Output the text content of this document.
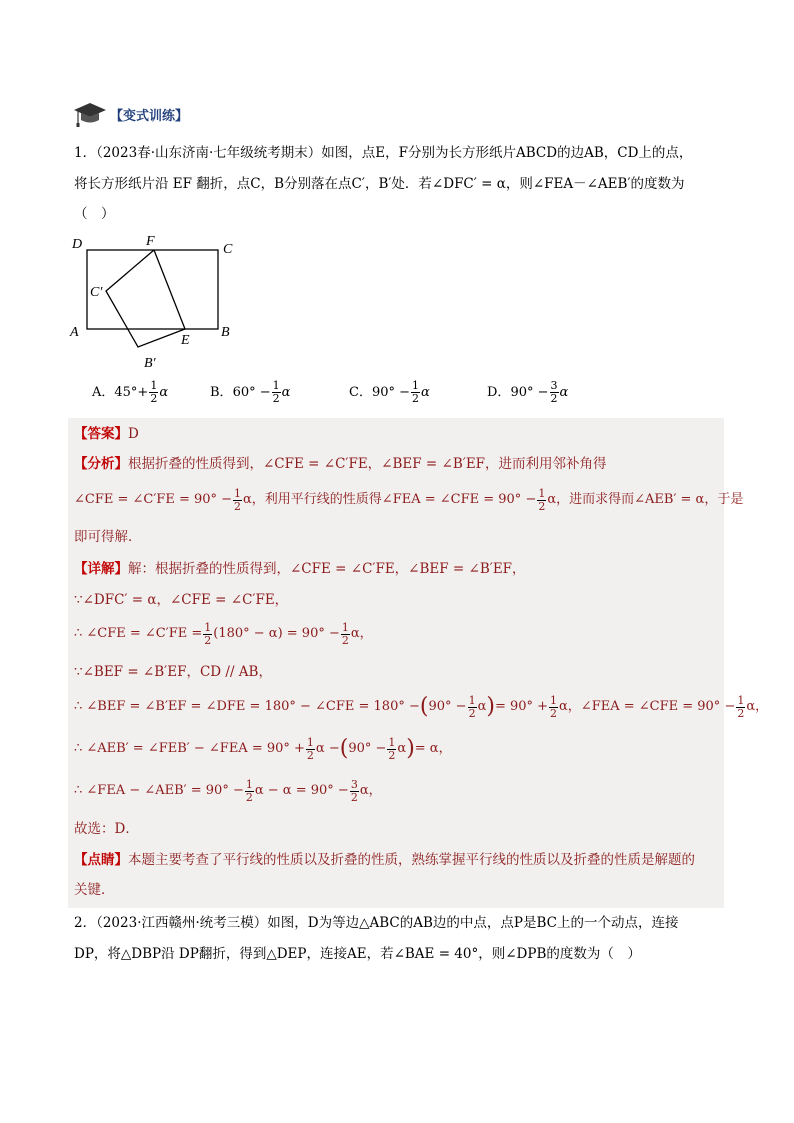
【变式训练】
1．（2023春·山东济南·七年级统考期末）如图，点E，F分别为长方形纸片ABCD的边AB，CD上的点，
将长方形纸片沿 EF 翻折，点C，B分别落在点C′，B′处．若∠DFC′ = α，则∠FEA－∠AEB′的度数为
（　）
D	F
C
C′
A
E
B
B′
A．$45^\circ+ \frac{1}{2}$ α	B．$60^\circ - \frac{1}{2}$ α	C．$90^\circ - \frac{1}{2}$ α	D．$90^\circ - \frac{3}{2}$ α
【答案】D
【分析】根据折叠的性质得到，∠CFE = ∠C′FE，∠BEF = ∠B′EF，进而利用邻补角得
∠CFE = ∠C′FE = $90^\circ - \frac{1}{2}$ α，利用平行线的性质得∠FEA = ∠CFE = $90^\circ - \frac{1}{2}$ α，进而求得而∠AEB′ = α，于是
即可得解．
【详解】解：根据折叠的性质得到，∠CFE = ∠C′FE，∠BEF = ∠B′EF，
∵∠DFC′ = α，∠CFE = ∠C′FE，
∴ ∠CFE = ∠C′FE = $\frac{1}{2} (180^\circ - \alpha) = 90^\circ - \frac{1}{2}$ α，
∵∠BEF = ∠B′EF，CD // AB，
∴ ∠BEF = ∠B′EF = ∠DFE = 180° − ∠CFE = $180^\circ -(90^\circ - \frac{1}{2} \alpha)= 90^\circ + \frac{1}{2}$ α，∠FEA = ∠CFE = $90^\circ - \frac{1}{2}$ α，
∴ ∠AEB′ = ∠FEB′ − ∠FEA = $90^\circ + \frac{1}{2}$ $\alpha -(90^\circ - \frac{1}{2} \alpha)= \alpha$，
∴ ∠FEA − ∠AEB′ = $90^\circ - \frac{1}{2}$ $\alpha - \alpha = 90^\circ - \frac{3}{2}$ α，
故选：D．
【点睛】本题主要考查了平行线的性质以及折叠的性质，熟练掌握平行线的性质以及折叠的性质是解题的
关键．
2．（2023·江西赣州·统考三模）如图，D为等边△ABC的AB边的中点，点P是BC上的一个动点，连接
DP，将△DBP沿 DP翻折，得到△DEP，连接AE，若∠BAE = 40°，则∠DPB的度数为（　）
